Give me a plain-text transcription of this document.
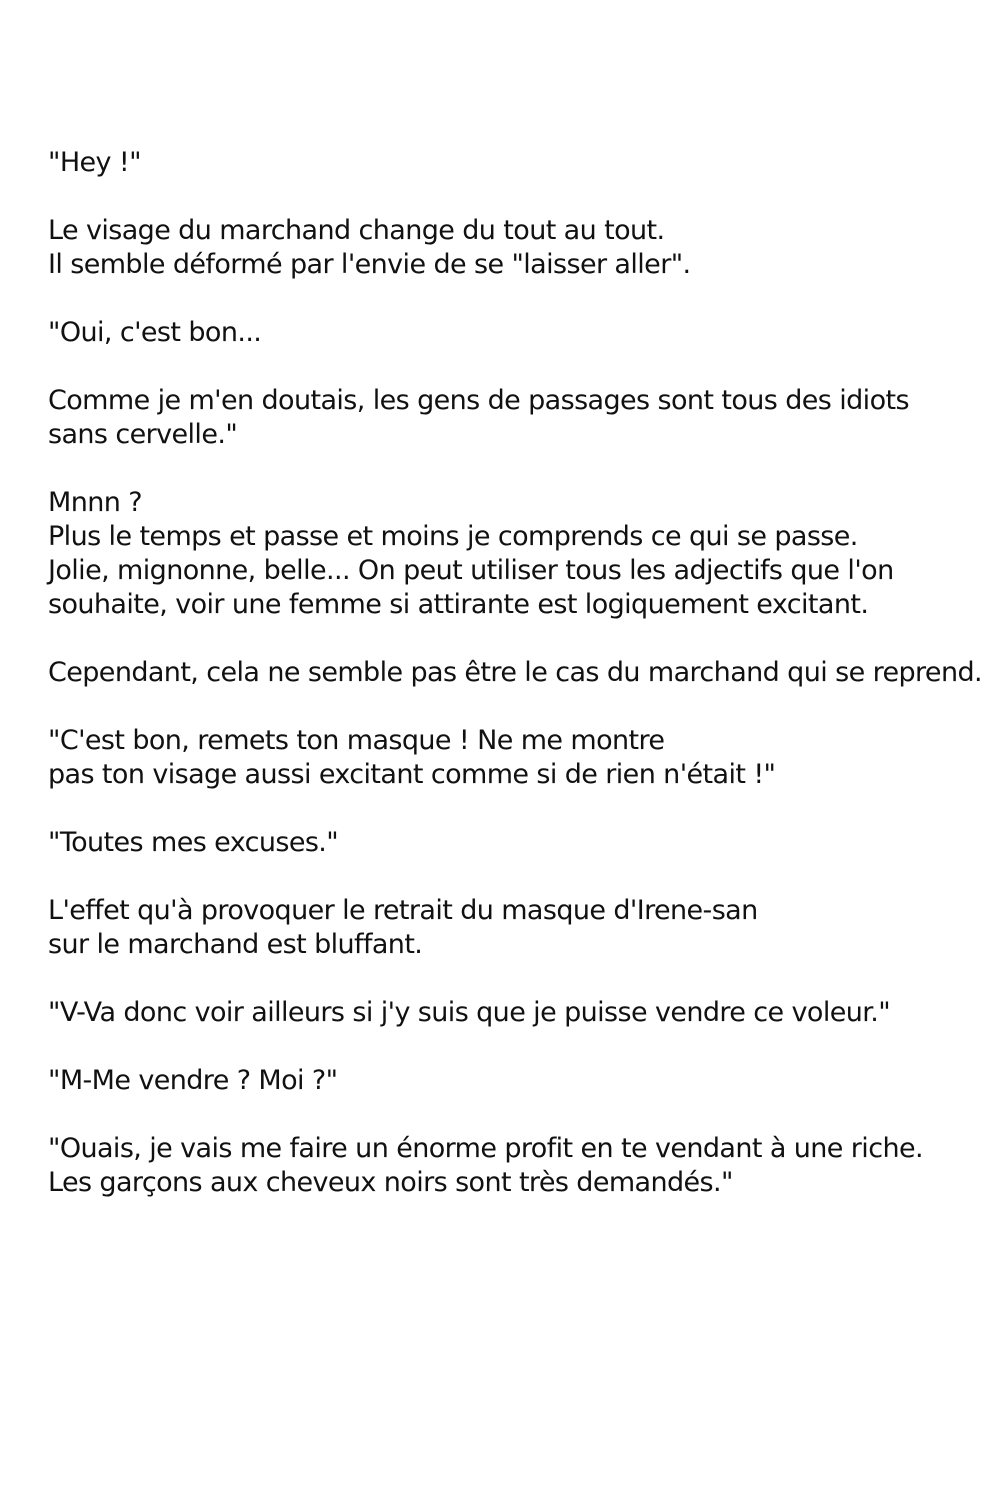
"Hey !"

Le visage du marchand change du tout au tout.
Il semble déformé par l'envie de se "laisser aller".

"Oui, c'est bon...

Comme je m'en doutais, les gens de passages sont tous des idiots
sans cervelle."

Mnnn ?
Plus le temps et passe et moins je comprends ce qui se passe.
Jolie, mignonne, belle... On peut utiliser tous les adjectifs que l'on
souhaite, voir une femme si attirante est logiquement excitant.

Cependant, cela ne semble pas être le cas du marchand qui se reprend.

"C'est bon, remets ton masque ! Ne me montre
pas ton visage aussi excitant comme si de rien n'était !"

"Toutes mes excuses."

L'effet qu'à provoquer le retrait du masque d'Irene-san
sur le marchand est bluffant.

"V-Va donc voir ailleurs si j'y suis que je puisse vendre ce voleur."

"M-Me vendre ? Moi ?"

"Ouais, je vais me faire un énorme profit en te vendant à une riche.
Les garçons aux cheveux noirs sont très demandés."
